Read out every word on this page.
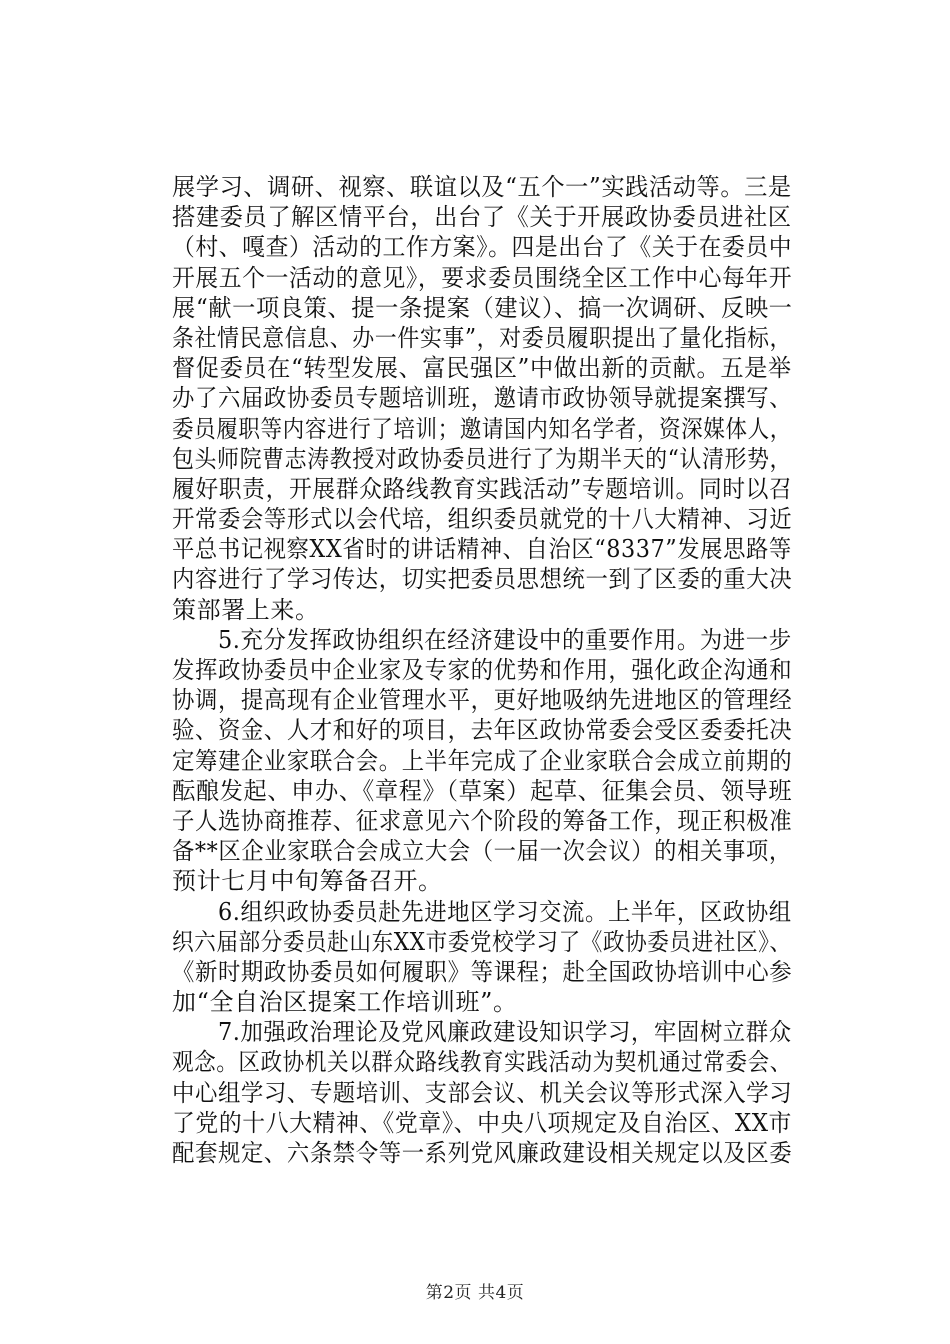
展学习、调研、视察、联谊以及“五个一”实践活动等。三是
搭建委员了解区情平台，出台了《关于开展政协委员进社区
（村、嘎查）活动的工作方案》。四是出台了《关于在委员中
开展五个一活动的意见》，要求委员围绕全区工作中心每年开
展“献一项良策、提一条提案（建议）、搞一次调研、反映一
条社情民意信息、办一件实事”，对委员履职提出了量化指标，
督促委员在“转型发展、富民强区”中做出新的贡献。五是举
办了六届政协委员专题培训班，邀请市政协领导就提案撰写、
委员履职等内容进行了培训；邀请国内知名学者，资深媒体人，
包头师院曹志涛教授对政协委员进行了为期半天的“认清形势，
履好职责，开展群众路线教育实践活动”专题培训。同时以召
开常委会等形式以会代培，组织委员就党的十八大精神、习近
平总书记视察XX省时的讲话精神、自治区“8337”发展思路等
内容进行了学习传达，切实把委员思想统一到了区委的重大决
策部署上来。
　　5.充分发挥政协组织在经济建设中的重要作用。为进一步
发挥政协委员中企业家及专家的优势和作用，强化政企沟通和
协调，提高现有企业管理水平，更好地吸纳先进地区的管理经
验、资金、人才和好的项目，去年区政协常委会受区委委托决
定筹建企业家联合会。上半年完成了企业家联合会成立前期的
酝酿发起、申办、《章程》（草案）起草、征集会员、领导班
子人选协商推荐、征求意见六个阶段的筹备工作，现正积极准
备**区企业家联合会成立大会（一届一次会议）的相关事项，
预计七月中旬筹备召开。
　　6.组织政协委员赴先进地区学习交流。上半年，区政协组
织六届部分委员赴山东XX市委党校学习了《政协委员进社区》、
《新时期政协委员如何履职》等课程；赴全国政协培训中心参
加“全自治区提案工作培训班”。
　　7.加强政治理论及党风廉政建设知识学习，牢固树立群众
观念。区政协机关以群众路线教育实践活动为契机通过常委会、
中心组学习、专题培训、支部会议、机关会议等形式深入学习
了党的十八大精神、《党章》、中央八项规定及自治区、XX市
配套规定、六条禁令等一系列党风廉政建设相关规定以及区委
第2页 共4页
